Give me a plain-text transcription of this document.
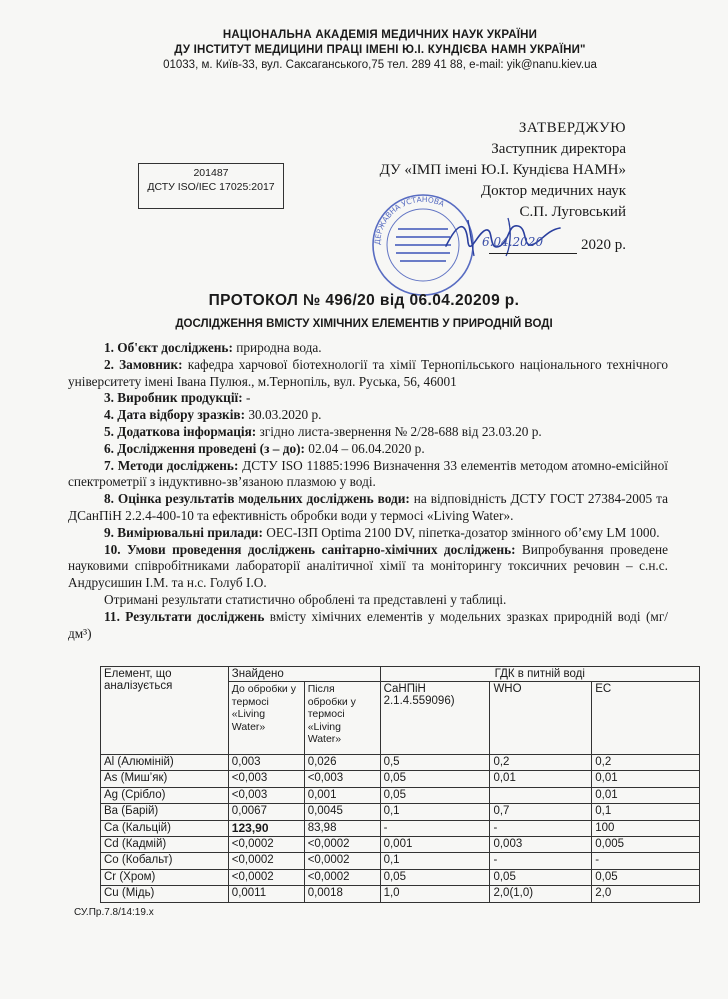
НАЦІОНАЛЬНА АКАДЕМІЯ МЕДИЧНИХ НАУК УКРАЇНИ
ДУ ІНСТИТУТ МЕДИЦИНИ ПРАЦІ ІМЕНІ Ю.І. КУНДІЄВА НАМН УКРАЇНИ"
01033, м. Київ-33, вул. Саксаганського,75 тел. 289 41 88, e-mail: yik@nanu.kiev.ua
ЗАТВЕРДЖУЮ
Заступник директора
ДУ «ІМП імені Ю.І. Кундієва НАМН»
Доктор медичних наук
С.П. Луговський
201487
ДСТУ ISO/IEC 17025:2017
ДЕРЖАВНА УСТАНОВА
6.04.2020	2020 р.
ПРОТОКОЛ № 496/20 від 06.04.20209 р.
ДОСЛІДЖЕННЯ ВМІСТУ ХІМІЧНИХ ЕЛЕМЕНТІВ У ПРИРОДНІЙ ВОДІ

1. Об'єкт досліджень: природна вода.

2. Замовник: кафедра харчової біотехнології та хімії Тернопільського національного технічного університету імені Івана Пулюя., м.Тернопіль, вул. Руська, 56, 46001

3. Виробник продукції: -

4. Дата відбору зразків: 30.03.2020 р.

5. Додаткова інформація: згідно листа-звернення № 2/28-688 від 23.03.20 р.

6. Дослідження проведені (з – до): 02.04 – 06.04.2020 р.

7. Методи досліджень: ДСТУ ISO 11885:1996 Визначення 33 елементів методом атомно-емісійної спектрометрії з індуктивно-зв’язаною плазмою у воді.

8. Оцінка результатів модельних досліджень води: на відповідність ДСТУ ГОСТ 27384-2005 та ДСанПіН 2.2.4-400-10 та ефективність обробки води у термосі «Living Water».

9. Вимірювальні прилади: ОЕС-ІЗП Optima 2100 DV, піпетка-дозатор змінного об’єму LM 1000.

10. Умови проведення досліджень санітарно-хімічних досліджень: Випробування проведене науковими співробітниками лабораторії аналітичної хімії та моніторингу токсичних речовин – с.н.с. Андрусишин І.М. та н.с. Голуб І.О.

Отримані результати статистично оброблені та представлені у таблиці.

11. Результати досліджень вмісту хімічних елементів у модельних зразках природній воді (мг/дм³)

Елемент, що аналізується	Знайдено		ГДК в питній воді		
	До обробки у термосі «Living Water»	Після обробки у термосі «Living Water»	СаНПіН 2.1.4.559096)	WHO	EC
Al (Алюміній)	0,003	0,026	0,5	0,2	0,2
As (Миш’як)	<0,003	<0,003	0,05	0,01	0,01
Ag (Срібло)	<0,003	0,001	0,05		0,01
Ba (Барій)	0,0067	0,0045	0,1	0,7	0,1
Ca (Кальцій)	123,90	83,98	-	-	100
Cd (Кадмій)	<0,0002	<0,0002	0,001	0,003	0,005
Co (Кобальт)	<0,0002	<0,0002	0,1	-	-
Cr (Хром)	<0,0002	<0,0002	0,05	0,05	0,05
Cu (Мідь)	0,0011	0,0018	1,0	2,0(1,0)	2,0
СУ.Пр.7.8/14:19.х
